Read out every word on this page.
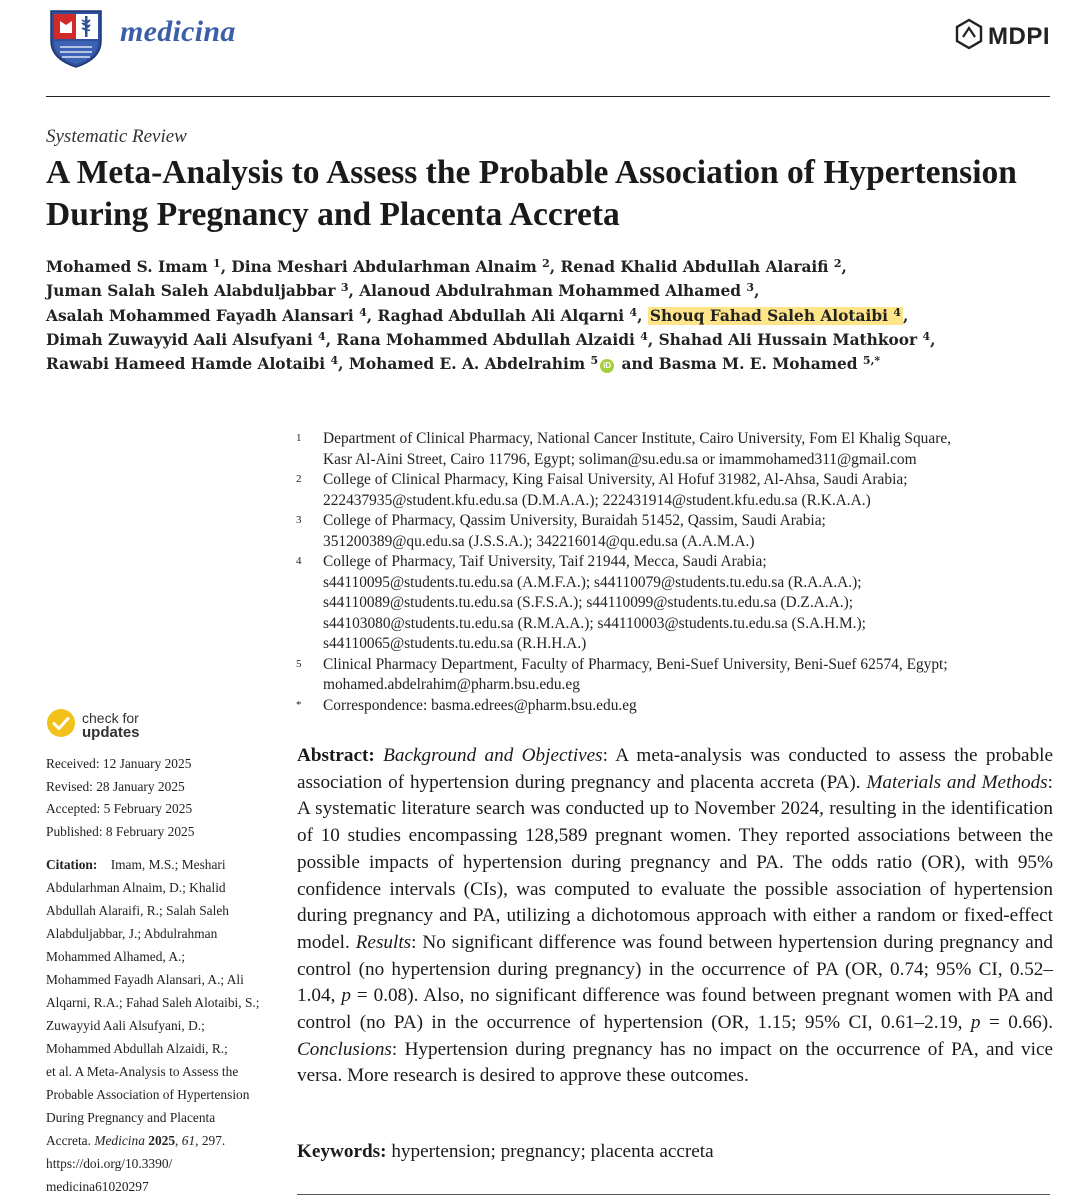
medicina	MDPI
Systematic Review
A Meta-Analysis to Assess the Probable Association of Hypertension During Pregnancy and Placenta Accreta
Mohamed S. Imam $^1$, Dina Meshari Abdularhman Alnaim $^2$, Renad Khalid Abdullah Alaraifi $^2$,
Juman Salah Saleh Alabduljabbar $^3$, Alanoud Abdulrahman Mohammed Alhamed $^3$,
Asalah Mohammed Fayadh Alansari $^4$, Raghad Abdullah Ali Alqarni $^4$, Shouq Fahad Saleh Alotaibi $^4$ ,
Dimah Zuwayyid Aali Alsufyani $^4$, Rana Mohammed Abdullah Alzaidi $^4$, Shahad Ali Hussain Mathkoor $^4$,
Rawabi Hameed Hamde Alotaibi $^4$, Mohamed E. A. Abdelrahim $^5$ iD and Basma M. E. Mohamed $^{5,*}$
1 Department of Clinical Pharmacy, National Cancer Institute, Cairo University, Fom El Khalig Square,
Kasr Al-Aini Street, Cairo 11796, Egypt; soliman@su.edu.sa or imammohamed311@gmail.com
2 College of Clinical Pharmacy, King Faisal University, Al Hofuf 31982, Al-Ahsa, Saudi Arabia;
222437935@student.kfu.edu.sa (D.M.A.A.); 222431914@student.kfu.edu.sa (R.K.A.A.)
3 College of Pharmacy, Qassim University, Buraidah 51452, Qassim, Saudi Arabia;
351200389@qu.edu.sa (J.S.S.A.); 342216014@qu.edu.sa (A.A.M.A.)
4 College of Pharmacy, Taif University, Taif 21944, Mecca, Saudi Arabia;
s44110095@students.tu.edu.sa (A.M.F.A.); s44110079@students.tu.edu.sa (R.A.A.A.);
s44110089@students.tu.edu.sa (S.F.S.A.); s44110099@students.tu.edu.sa (D.Z.A.A.);
s44103080@students.tu.edu.sa (R.M.A.A.); s44110003@students.tu.edu.sa (S.A.H.M.);
s44110065@students.tu.edu.sa (R.H.H.A.)
5 Clinical Pharmacy Department, Faculty of Pharmacy, Beni-Suef University, Beni-Suef 62574, Egypt;
mohamed.abdelrahim@pharm.bsu.edu.eg
* Correspondence: basma.edrees@pharm.bsu.edu.eg
check for
updates
Received: 12 January 2025
Revised: 28 January 2025
Accepted: 5 February 2025
Published: 8 February 2025
Citation: Imam, M.S.; Meshari
Abdularhman Alnaim, D.; Khalid
Abdullah Alaraifi, R.; Salah Saleh
Alabduljabbar, J.; Abdulrahman
Mohammed Alhamed, A.;
Mohammed Fayadh Alansari, A.; Ali
Alqarni, R.A.; Fahad Saleh Alotaibi, S.;
Zuwayyid Aali Alsufyani, D.;
Mohammed Abdullah Alzaidi, R.;
et al. A Meta-Analysis to Assess the
Probable Association of Hypertension
During Pregnancy and Placenta
Accreta. Medicina 2025, 61, 297.
https://doi.org/10.3390/
medicina61020297
Abstract: Background and Objectives: A meta-analysis was conducted to assess the probable association of hypertension during pregnancy and placenta accreta (PA). Materials and Methods: A systematic literature search was conducted up to November 2024, resulting in the identification of 10 studies encompassing 128,589 pregnant women. They reported associations between the possible impacts of hypertension during pregnancy and PA. The odds ratio (OR), with 95% confidence intervals (CIs), was computed to evaluate the possible association of hypertension during pregnancy and PA, utilizing a dichotomous approach with either a random or fixed-effect model. Results: No significant difference was found between hypertension during pregnancy and control (no hypertension during pregnancy) in the occurrence of PA (OR, 0.74; 95% CI, 0.52–1.04, p = 0.08). Also, no significant difference was found between pregnant women with PA and control (no PA) in the occurrence of hypertension (OR, 1.15; 95% CI, 0.61–2.19, p = 0.66). Conclusions: Hypertension during pregnancy has no impact on the occurrence of PA, and vice versa. More research is desired to approve these outcomes.
Keywords: hypertension; pregnancy; placenta accreta
